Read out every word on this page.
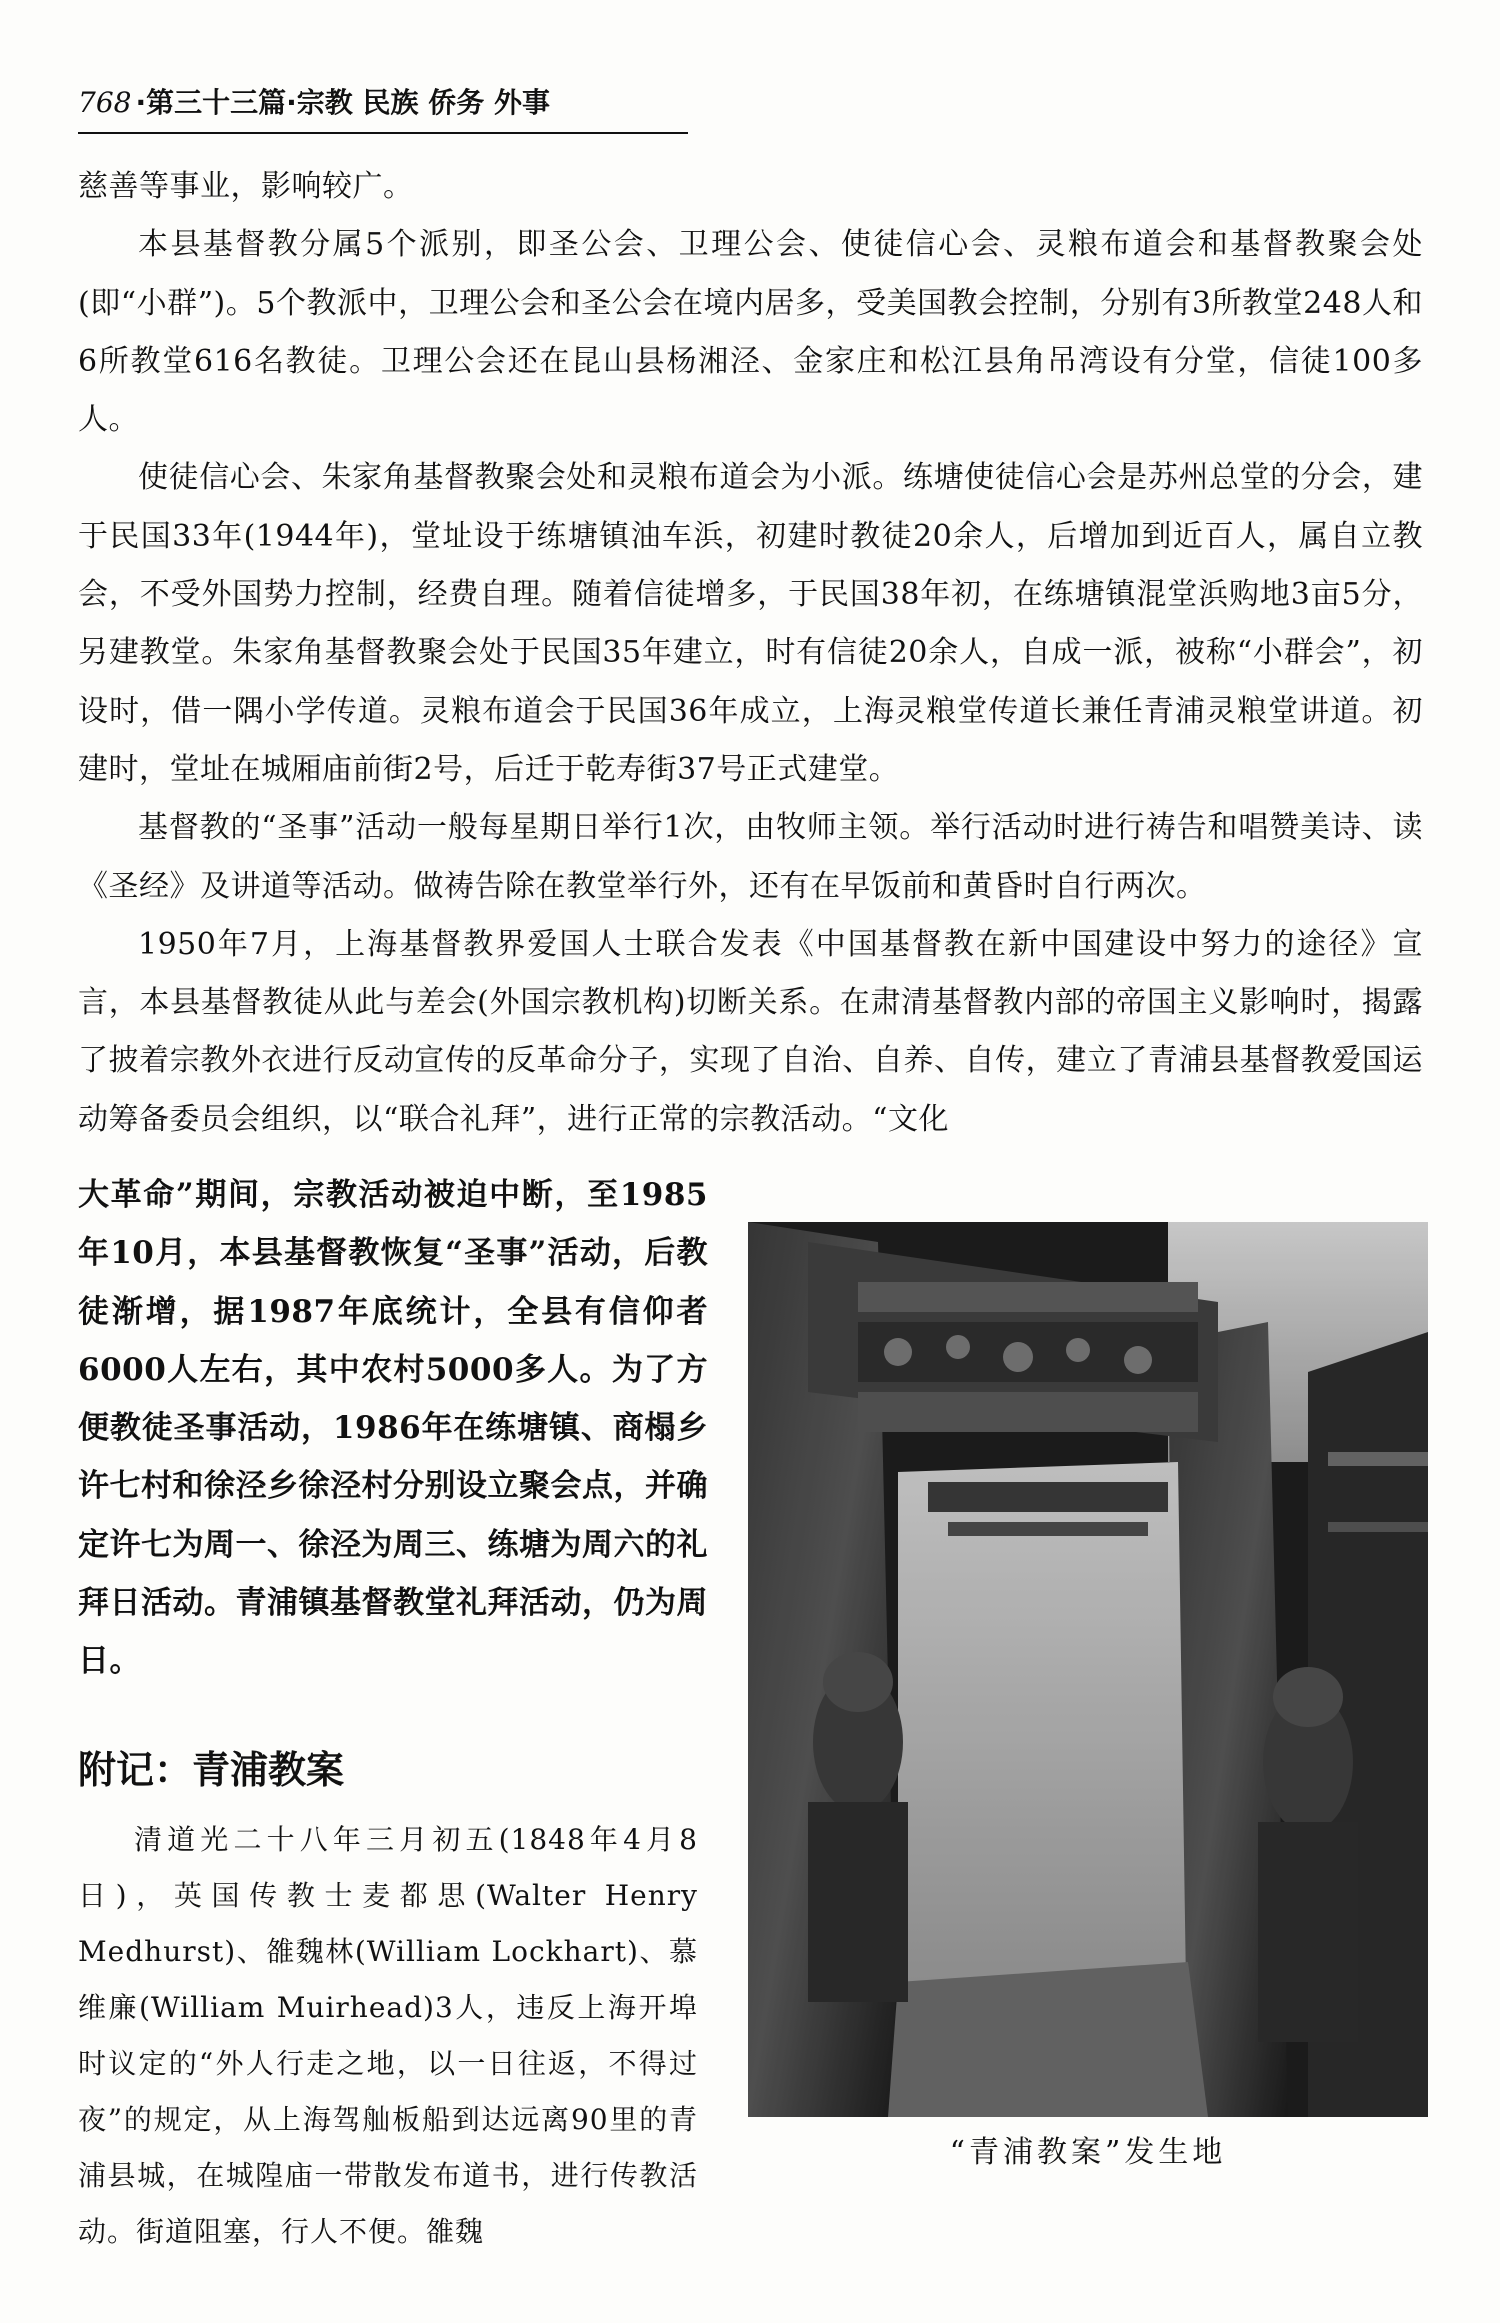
768 ·第三十三篇·宗教 民族 侨务 外事

慈善等事业，影响较广。

本县基督教分属5个派别，即圣公会、卫理公会、使徒信心会、灵粮布道会和基督教聚会处(即“小群”)。5个教派中，卫理公会和圣公会在境内居多，受美国教会控制，分别有3所教堂248人和6所教堂616名教徒。卫理公会还在昆山县杨湘泾、金家庄和松江县角吊湾设有分堂，信徒100多人。

使徒信心会、朱家角基督教聚会处和灵粮布道会为小派。练塘使徒信心会是苏州总堂的分会，建于民国33年(1944年)，堂址设于练塘镇油车浜，初建时教徒20余人，后增加到近百人，属自立教会，不受外国势力控制，经费自理。随着信徒增多，于民国38年初，在练塘镇混堂浜购地3亩5分，另建教堂。朱家角基督教聚会处于民国35年建立，时有信徒20余人，自成一派，被称“小群会”，初设时，借一隅小学传道。灵粮布道会于民国36年成立，上海灵粮堂传道长兼任青浦灵粮堂讲道。初建时，堂址在城厢庙前街2号，后迁于乾寿街37号正式建堂。

基督教的“圣事”活动一般每星期日举行1次，由牧师主领。举行活动时进行祷告和唱赞美诗、读《圣经》及讲道等活动。做祷告除在教堂举行外，还有在早饭前和黄昏时自行两次。

1950年7月，上海基督教界爱国人士联合发表《中国基督教在新中国建设中努力的途径》宣言，本县基督教徒从此与差会(外国宗教机构)切断关系。在肃清基督教内部的帝国主义影响时，揭露了披着宗教外衣进行反动宣传的反革命分子，实现了自治、自养、自传，建立了青浦县基督教爱国运动筹备委员会组织，以“联合礼拜”，进行正常的宗教活动。“文化

大革命”期间，宗教活动被迫中断，至1985年10月，本县基督教恢复“圣事”活动，后教徒渐增，据1987年底统计，全县有信仰者6000人左右，其中农村5000多人。为了方便教徒圣事活动，1986年在练塘镇、商榻乡许七村和徐泾乡徐泾村分别设立聚会点，并确定许七为周一、徐泾为周三、练塘为周六的礼拜日活动。青浦镇基督教堂礼拜活动，仍为周日。

附记：青浦教案

清道光二十八年三月初五(1848年4月8日)，英国传教士麦都思(Walter Henry Medhurst)、雒魏林(William Lockhart)、慕维廉(William Muirhead)3人，违反上海开埠时议定的“外人行走之地，以一日往返，不得过夜”的规定，从上海驾舢板船到达远离90里的青浦县城，在城隍庙一带散发布道书，进行传教活动。街道阻塞，行人不便。雒魏

“青浦教案”发生地
